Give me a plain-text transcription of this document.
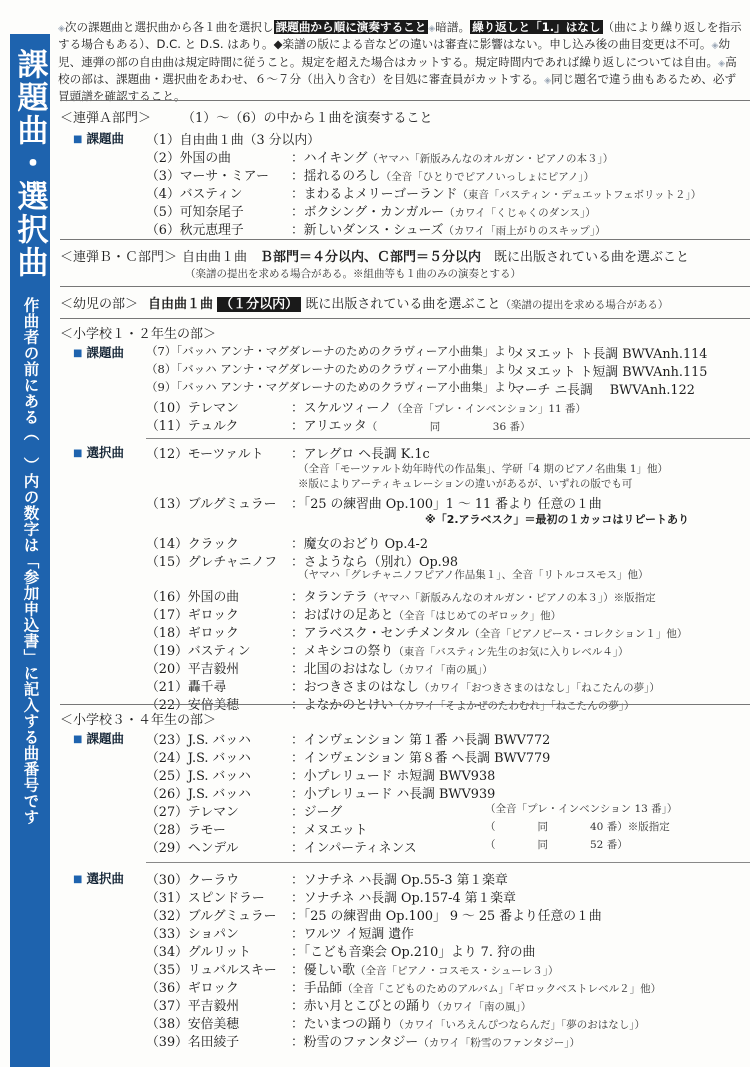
課題曲・選択曲
作曲者の前にある（　）内の数字は「参加申込書」に記入する曲番号です
◈次の課題曲と選択曲から各１曲を選択し 課題曲から順に演奏すること ◈暗譜。 繰り返しと「1.」はなし （曲により繰り返しを指示する場合もある）、D.C. と D.S. はあり。◆楽譜の版による音などの違いは審査に影響はない。申し込み後の曲目変更は不可。◈幼児、連弾の部の自由曲は規定時間に従うこと。規定を超えた場合はカットする。規定時間内であれば繰り返しについては自由。◈高校の部は、課題曲・選択曲をあわせ、６～７分（出入り含む）を目処に審査員がカットする。◈同じ題名で違う曲もあるため、必ず冒頭譜を確認すること。
＜連弾Ａ部門＞ （1）～（6）の中から１曲を演奏すること
■ 課題曲 （1）自由曲１曲（3 分以内）
（2）外国の曲	：ハイキング（ヤマハ「新版みんなのオルガン・ピアノの本３」）
（3）マーサ・ミアー ：揺れるのろし（全音「ひとりでピアノいっしょにピアノ」）
（4）バスティン	：まわるよメリーゴーランド（東音「バスティン・デュエットフェボリット２」）
（5）可知奈尾子	：ボクシング・カンガルー（カワイ「くじゃくのダンス」）
（6）秋元恵理子	：新しいダンス・シューズ（カワイ「雨上がりのスキップ」）
＜連弾Ｂ・Ｃ部門＞ 自由曲１曲　Ｂ部門＝４分以内、Ｃ部門＝５分以内　既に出版されている曲を選ぶこと
（楽譜の提出を求める場合がある。※組曲等も１曲のみの演奏とする）
＜幼児の部＞ 自由曲１曲 （１分以内） 既に出版されている曲を選ぶこと（楽譜の提出を求める場合がある）
＜小学校１・２年生の部＞
■ 課題曲 （7）「バッハ アンナ・マグダレーナのためのクラヴィーア小曲集」より
メヌエット ト長調 BWVAnh.114
（8）「バッハ アンナ・マグダレーナのためのクラヴィーア小曲集」より
メヌエット ト短調 BWVAnh.115
（9）「バッハ アンナ・マグダレーナのためのクラヴィーア小曲集」より
マーチ ニ長調　 BWVAnh.122
（10）テレマン	：スケルツィーノ（全音「プレ・インベンション」11 番）
（11）テュルク	：アリエッタ（　　　　　同　　　　　36 番）
■ 選択曲 （12）モーツァルト ：アレグロ ヘ長調 K.1c
（全音「モーツァルト幼年時代の作品集」、学研「4 期のピアノ名曲集 1」他）
※版によりアーティキュレーションの違いがあるが、いずれの版でも可
（13）ブルグミュラー ：「25 の練習曲 Op.100」1 ～ 11 番より 任意の１曲
※「2.アラベスク」＝最初の１カッコはリピートあり
（14）クラック	：魔女のおどり Op.4-2
（15）グレチャニノフ ：さようなら（別れ）Op.98
（ヤマハ「グレチャニノフピアノ作品集１」、全音「リトルコスモス」他）
（16）外国の曲	：タランテラ（ヤマハ「新版みんなのオルガン・ピアノの本３」）※版指定
（17）ギロック	：おばけの足あと（全音「はじめてのギロック」他）
（18）ギロック	：アラベスク・センチメンタル（全音「ピアノピース・コレクション１」他）
（19）バスティン	：メキシコの祭り（東音「バスティン先生のお気に入りレベル４」）
（20）平吉毅州	：北国のおはなし（カワイ「南の風」）
（21）轟千尋	：おつきさまのはなし（カワイ「おつきさまのはなし」「ねこたんの夢」）
（22）安倍美穂	：よなかのとけい（カワイ「そよかぜのたわむれ」「ねこたんの夢」）
＜小学校３・４年生の部＞
■ 課題曲 （23）J.S. バッハ	：インヴェンション 第１番 ハ長調 BWV772
（24）J.S. バッハ	：インヴェンション 第８番 ヘ長調 BWV779
（25）J.S. バッハ	：小プレリュード ホ短調 BWV938
（26）J.S. バッハ	：小プレリュード ハ長調 BWV939
（27）テレマン	：ジーグ	（全音「プレ・インベンション 13 番」）
（28）ラモー	：メヌエット	（　　　　同　　　　40 番）※版指定
（29）ヘンデル	：インパーティネンス	（　　　　同　　　　52 番）
■ 選択曲 （30）クーラウ	：ソナチネ ハ長調 Op.55-3 第１楽章
（31）スピンドラー ：ソナチネ ハ長調 Op.157-4 第１楽章
（32）ブルグミュラー ：「25 の練習曲 Op.100」 9 ～ 25 番より任意の１曲
（33）ショパン	：ワルツ イ短調 遺作
（34）グルリット	：「こども音楽会 Op.210」より 7. 狩の曲
（35）リュバルスキー ：優しい歌（全音「ピアノ・コスモス・シューレ３」）
（36）ギロック	：手品師（全音「こどものためのアルバム」「ギロックベストレベル２」他）
（37）平吉毅州	：赤い月とこびとの踊り（カワイ「南の風」）
（38）安倍美穂	：たいまつの踊り（カワイ「いろえんぴつならんだ」「夢のおはなし」）
（39）名田綾子	：粉雪のファンタジー（カワイ「粉雪のファンタジー」）
